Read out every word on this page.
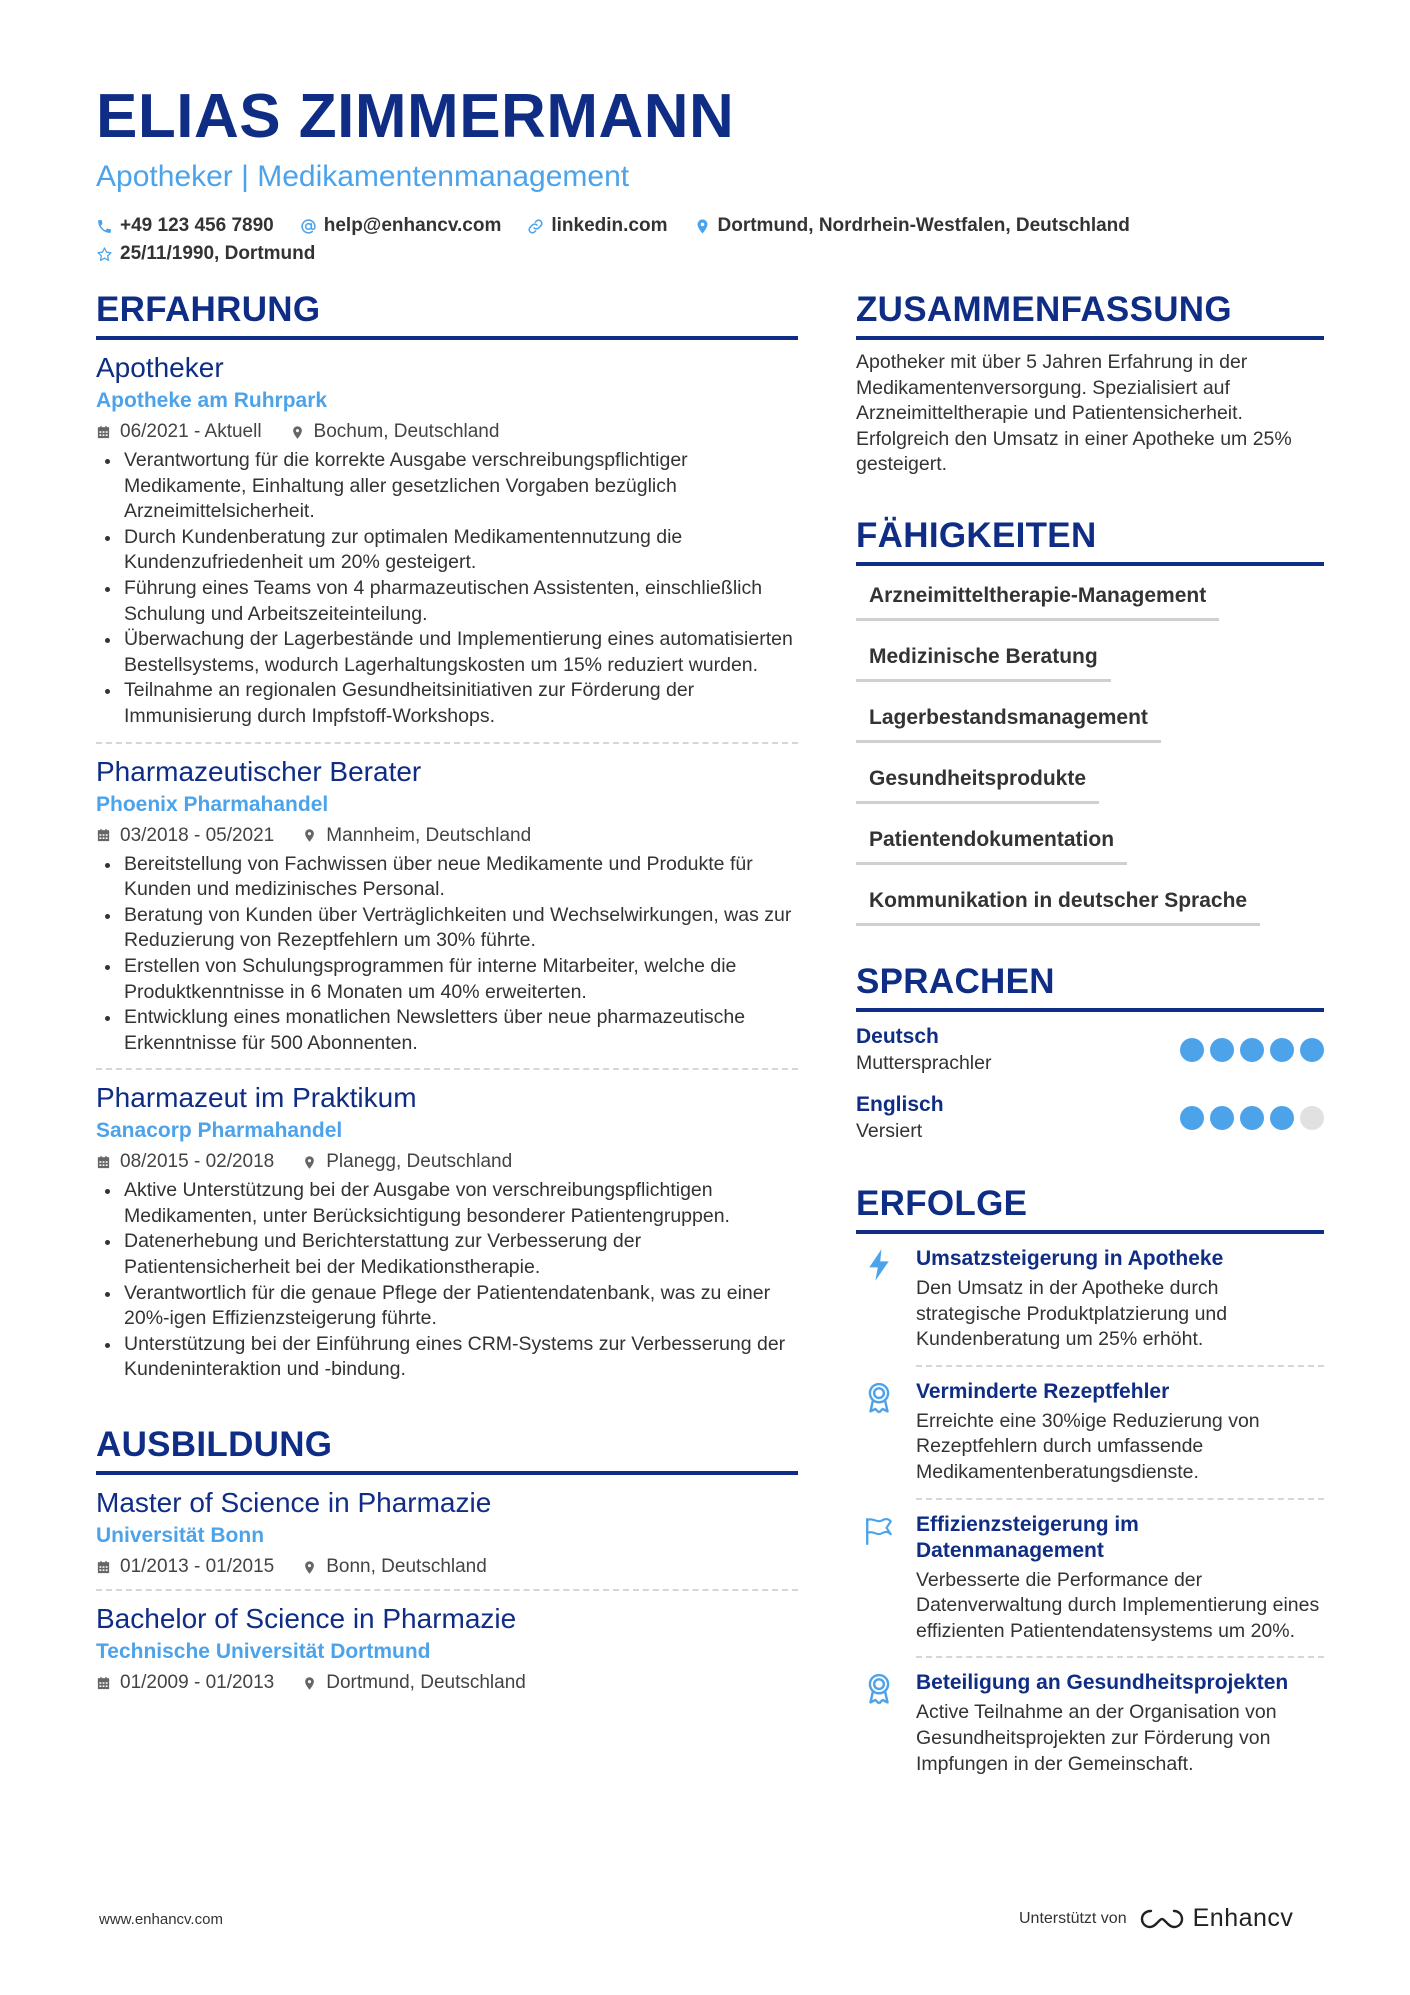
ELIAS ZIMMERMANN
Apotheker | Medikamentenmanagement
+49 123 456 7890	help@enhancv.com	linkedin.com	Dortmund, Nordrhein-Westfalen, Deutschland
25/11/1990, Dortmund
ERFAHRUNG
Apotheker
Apotheke am Ruhrpark
06/2021 - Aktuell	Bochum, Deutschland
Verantwortung für die korrekte Ausgabe verschreibungspflichtiger Medikamente, Einhaltung aller gesetzlichen Vorgaben bezüglich Arzneimittelsicherheit.
Durch Kundenberatung zur optimalen Medikamentennutzung die Kundenzufriedenheit um 20% gesteigert.
Führung eines Teams von 4 pharmazeutischen Assistenten, einschließlich Schulung und Arbeitszeiteinteilung.
Überwachung der Lagerbestände und Implementierung eines automatisierten Bestellsystems, wodurch Lagerhaltungskosten um 15% reduziert wurden.
Teilnahme an regionalen Gesundheitsinitiativen zur Förderung der Immunisierung durch Impfstoff-Workshops.
Pharmazeutischer Berater
Phoenix Pharmahandel
03/2018 - 05/2021	Mannheim, Deutschland
Bereitstellung von Fachwissen über neue Medikamente und Produkte für Kunden und medizinisches Personal.
Beratung von Kunden über Verträglichkeiten und Wechselwirkungen, was zur Reduzierung von Rezeptfehlern um 30% führte.
Erstellen von Schulungsprogrammen für interne Mitarbeiter, welche die Produktkenntnisse in 6 Monaten um 40% erweiterten.
Entwicklung eines monatlichen Newsletters über neue pharmazeutische Erkenntnisse für 500 Abonnenten.
Pharmazeut im Praktikum
Sanacorp Pharmahandel
08/2015 - 02/2018	Planegg, Deutschland
Aktive Unterstützung bei der Ausgabe von verschreibungspflichtigen Medikamenten, unter Berücksichtigung besonderer Patientengruppen.
Datenerhebung und Berichterstattung zur Verbesserung der Patientensicherheit bei der Medikationstherapie.
Verantwortlich für die genaue Pflege der Patientendatenbank, was zu einer 20%-igen Effizienzsteigerung führte.
Unterstützung bei der Einführung eines CRM-Systems zur Verbesserung der Kundeninteraktion und -bindung.
AUSBILDUNG
Master of Science in Pharmazie
Universität Bonn
01/2013 - 01/2015	Bonn, Deutschland
Bachelor of Science in Pharmazie
Technische Universität Dortmund
01/2009 - 01/2013	Dortmund, Deutschland
ZUSAMMENFASSUNG
Apotheker mit über 5 Jahren Erfahrung in der Medikamentenversorgung. Spezialisiert auf Arzneimitteltherapie und Patientensicherheit. Erfolgreich den Umsatz in einer Apotheke um 25% gesteigert.
FÄHIGKEITEN
Arzneimitteltherapie-Management
Medizinische Beratung
Lagerbestandsmanagement
Gesundheitsprodukte
Patientendokumentation
Kommunikation in deutscher Sprache
SPRACHEN
Deutsch
Muttersprachler
Englisch
Versiert
ERFOLGE
Umsatzsteigerung in Apotheke
Den Umsatz in der Apotheke durch strategische Produktplatzierung und Kundenberatung um 25% erhöht.
Verminderte Rezeptfehler
Erreichte eine 30%ige Reduzierung von Rezeptfehlern durch umfassende Medikamentenberatungsdienste.
Effizienzsteigerung im Datenmanagement
Verbesserte die Performance der Datenverwaltung durch Implementierung eines effizienten Patientendatensystems um 20%.
Beteiligung an Gesundheitsprojekten
Active Teilnahme an der Organisation von Gesundheitsprojekten zur Förderung von Impfungen in der Gemeinschaft.
www.enhancv.com	Unterstützt von	Enhancv
